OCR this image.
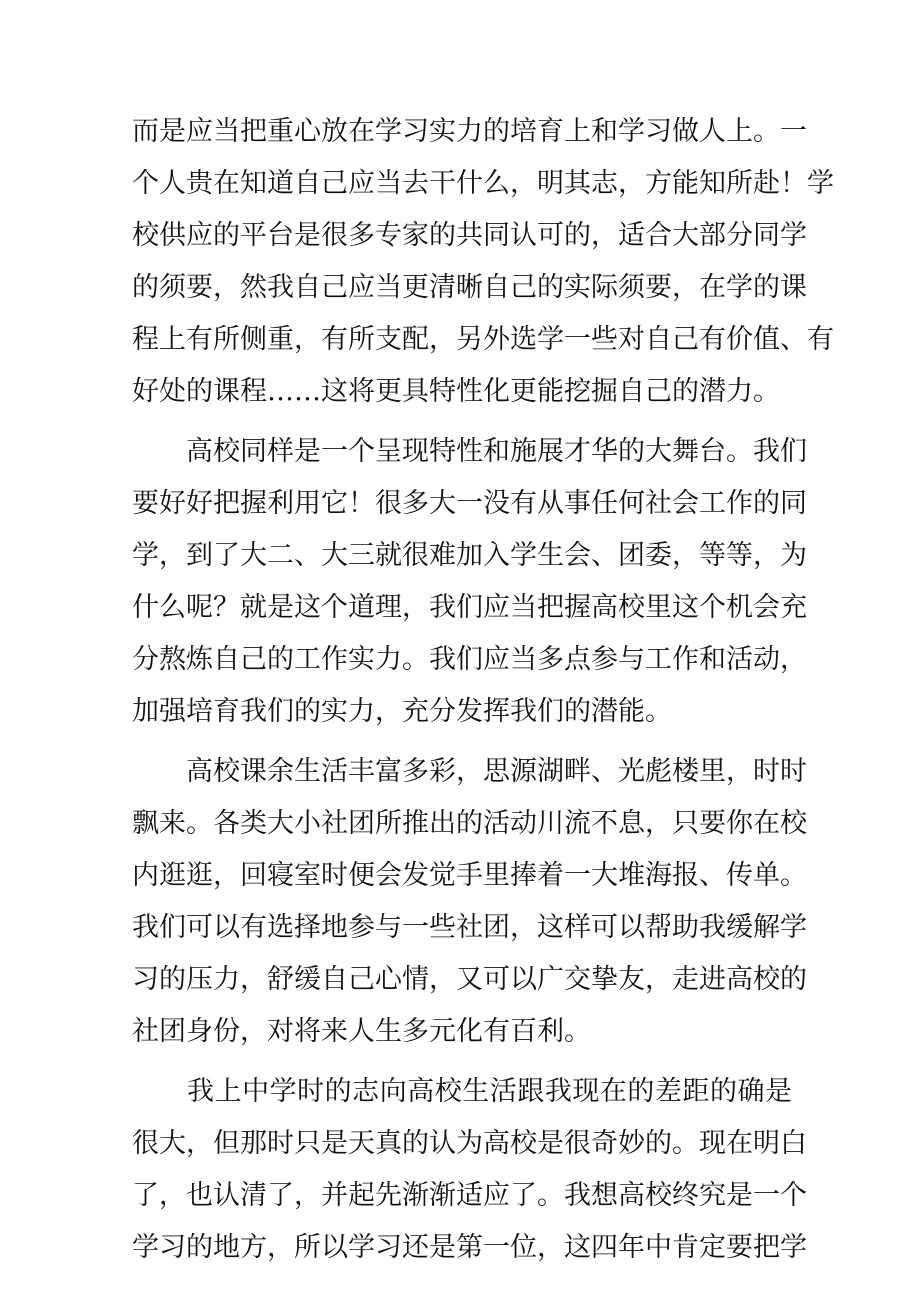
而是应当把重心放在学习实力的培育上和学习做人上。一
个人贵在知道自己应当去干什么，明其志，方能知所赴！学
校供应的平台是很多专家的共同认可的，适合大部分同学
的须要，然我自己应当更清晰自己的实际须要，在学的课
程上有所侧重，有所支配，另外选学一些对自己有价值、有
好处的课程……这将更具特性化更能挖掘自己的潜力。
　　高校同样是一个呈现特性和施展才华的大舞台。我们
要好好把握利用它！很多大一没有从事任何社会工作的同
学，到了大二、大三就很难加入学生会、团委，等等，为
什么呢？就是这个道理，我们应当把握高校里这个机会充
分熬炼自己的工作实力。我们应当多点参与工作和活动，
加强培育我们的实力，充分发挥我们的潜能。
　　高校课余生活丰富多彩，思源湖畔、光彪楼里，时时
飘来。各类大小社团所推出的活动川流不息，只要你在校
内逛逛，回寝室时便会发觉手里捧着一大堆海报、传单。
我们可以有选择地参与一些社团，这样可以帮助我缓解学
习的压力，舒缓自己心情，又可以广交挚友，走进高校的
社团身份，对将来人生多元化有百利。
　　我上中学时的志向高校生活跟我现在的差距的确是
很大，但那时只是天真的认为高校是很奇妙的。现在明白
了，也认清了，并起先渐渐适应了。我想高校终究是一个
学习的地方，所以学习还是第一位，这四年中肯定要把学
